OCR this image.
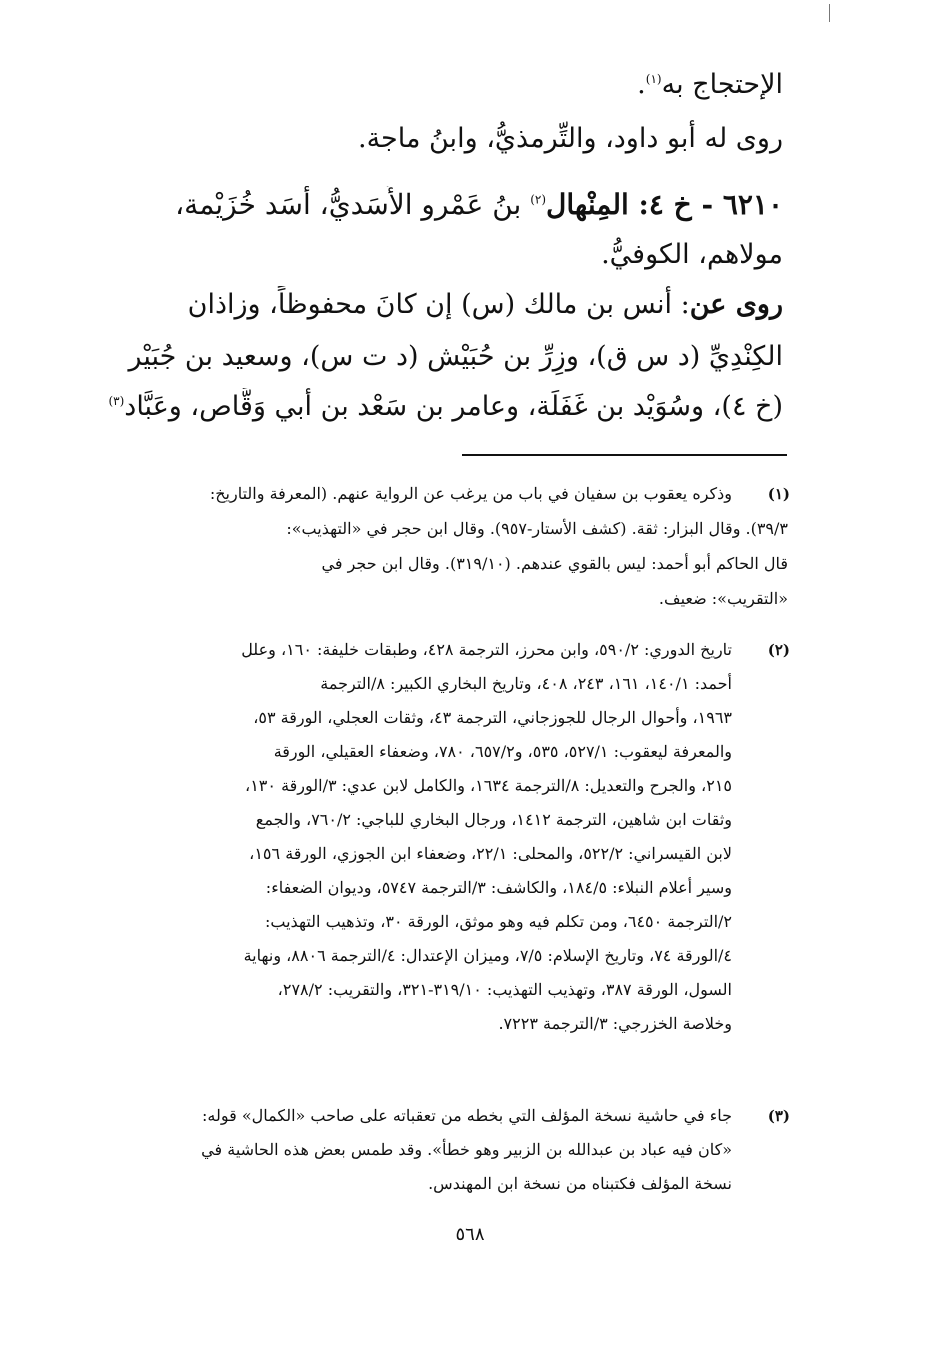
الإحتجاج به$^{(١)}$.
روى له أبو داود، والتِّرمذيُّ، وابنُ ماجة.
٦٢١٠ - خ ٤: المِنْهال$^{(٢)}$ بنُ عَمْرو الأَسَديُّ، أَسَد خُزَيْمة،
مولاهم، الكوفيُّ.
روى عن: أنس بن مالك (س) إن كانَ محفوظاً، وزاذان
الكِنْدِيِّ (د س ق)، وزِرِّ بن حُبَيْش (د ت س)، وسعيد بن جُبَيْر
(خ ٤)، وسُوَيْد بن غَفَلَة، وعامر بن سَعْد بن أبي وَقَّاص، وعَبَّاد$^{(٣)}$
(١)
وذكره يعقوب بن سفيان في باب من يرغب عن الرواية عنهم. (المعرفة والتاريخ:
٣٩/٣). وقال البزار: ثقة. (كشف الأستار-٩٥٧). وقال ابن حجر في «التهذيب»:
قال الحاكم أبو أحمد: ليس بالقوي عندهم. (٣١٩/١٠). وقال ابن حجر في
«التقريب»: ضعيف.
(٢)
تاريخ الدوري: ٥٩٠/٢، وابن محرز، الترجمة ٤٢٨، وطبقات خليفة: ١٦٠، وعلل
أحمد: ١٤٠/١، ١٦١، ٢٤٣، ٤٠٨، وتاريخ البخاري الكبير: ٨/الترجمة
١٩٦٣، وأحوال الرجال للجوزجاني، الترجمة ٤٣، وثقات العجلي، الورقة ٥٣،
والمعرفة ليعقوب: ٥٢٧/١، ٥٣٥، و٦٥٧/٢، ٧٨٠، وضعفاء العقيلي، الورقة
٢١٥، والجرح والتعديل: ٨/الترجمة ١٦٣٤، والكامل لابن عدي: ٣/الورقة ١٣٠،
وثقات ابن شاهين، الترجمة ١٤١٢، ورجال البخاري للباجي: ٧٦٠/٢، والجمع
لابن القيسراني: ٥٢٢/٢، والمحلى: ٢٢/١، وضعفاء ابن الجوزي، الورقة ١٥٦،
وسير أعلام النبلاء: ١٨٤/٥، والكاشف: ٣/الترجمة ٥٧٤٧، وديوان الضعفاء:
٢/الترجمة ٦٤٥٠، ومن تكلم فيه وهو موثق، الورقة ٣٠، وتذهيب التهذيب:
٤/الورقة ٧٤، وتاريخ الإسلام: ٧/٥، وميزان الإعتدال: ٤/الترجمة ٨٨٠٦، ونهاية
السول، الورقة ٣٨٧، وتهذيب التهذيب: ٣١٩/١٠-٣٢١، والتقريب: ٢٧٨/٢،
وخلاصة الخزرجي: ٣/الترجمة ٧٢٢٣.
(٣)
جاء في حاشية نسخة المؤلف التي بخطه من تعقباته على صاحب «الكمال» قوله:
«كان فيه عباد بن عبدالله بن الزبير وهو خطأ». وقد طمس بعض هذه الحاشية في
نسخة المؤلف فكتبناه من نسخة ابن المهندس.
٥٦٨
